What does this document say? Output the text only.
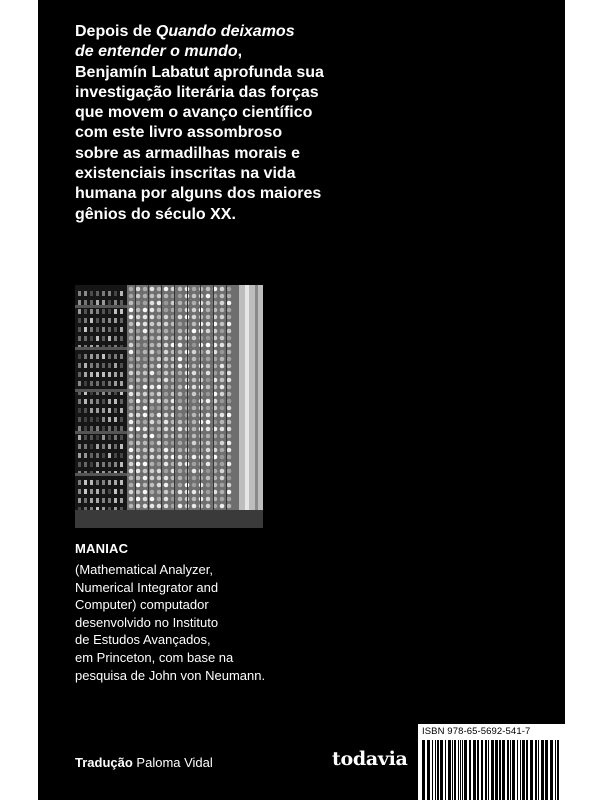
Depois de Quando deixamos
de entender o mundo,
Benjamín Labatut aprofunda sua
investigação literária das forças
que movem o avanço científico
com este livro assombroso
sobre as armadilhas morais e
existenciais inscritas na vida
humana por alguns dos maiores
gênios do século XX.

MANIAC

(Mathematical Analyzer,
Numerical Integrator and
Computer) computador
desenvolvido no Instituto
de Estudos Avançados,
em Princeton, com base na
pesquisa de John von Neumann.

Tradução Paloma Vidal	todavia
ISBN 978-65-5692-541-7
